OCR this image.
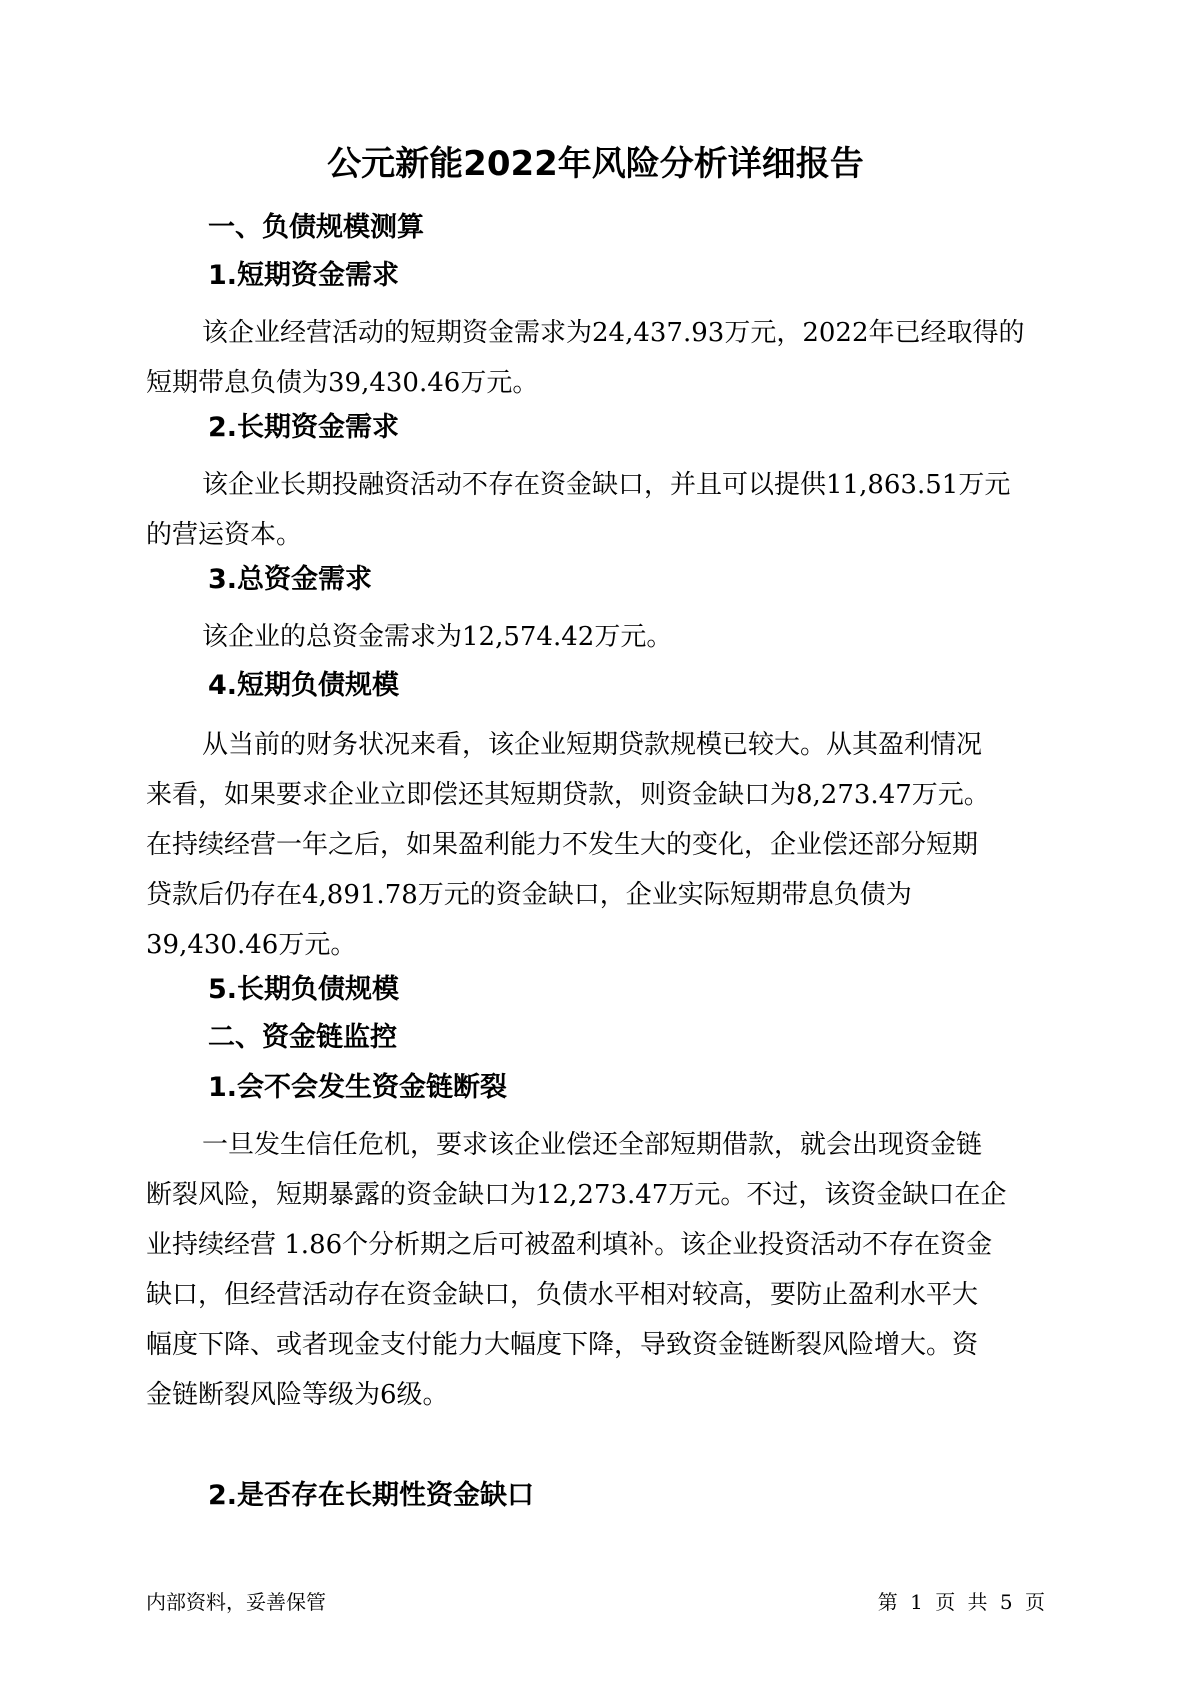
公元新能2022年风险分析详细报告
一、负债规模测算
1.短期资金需求
该企业经营活动的短期资金需求为24,437.93万元，2022年已经取得的
短期带息负债为39,430.46万元。
2.长期资金需求
该企业长期投融资活动不存在资金缺口，并且可以提供11,863.51万元
的营运资本。
3.总资金需求
该企业的总资金需求为12,574.42万元。
4.短期负债规模
从当前的财务状况来看，该企业短期贷款规模已较大。从其盈利情况
来看，如果要求企业立即偿还其短期贷款，则资金缺口为8,273.47万元。
在持续经营一年之后，如果盈利能力不发生大的变化，企业偿还部分短期
贷款后仍存在4,891.78万元的资金缺口，企业实际短期带息负债为
39,430.46万元。
5.长期负债规模
二、资金链监控
1.会不会发生资金链断裂
一旦发生信任危机，要求该企业偿还全部短期借款，就会出现资金链
断裂风险，短期暴露的资金缺口为12,273.47万元。不过，该资金缺口在企
业持续经营 1.86个分析期之后可被盈利填补。该企业投资活动不存在资金
缺口，但经营活动存在资金缺口，负债水平相对较高，要防止盈利水平大
幅度下降、或者现金支付能力大幅度下降，导致资金链断裂风险增大。资
金链断裂风险等级为6级。
2.是否存在长期性资金缺口
内部资料，妥善保管	第 1 页 共 5 页
